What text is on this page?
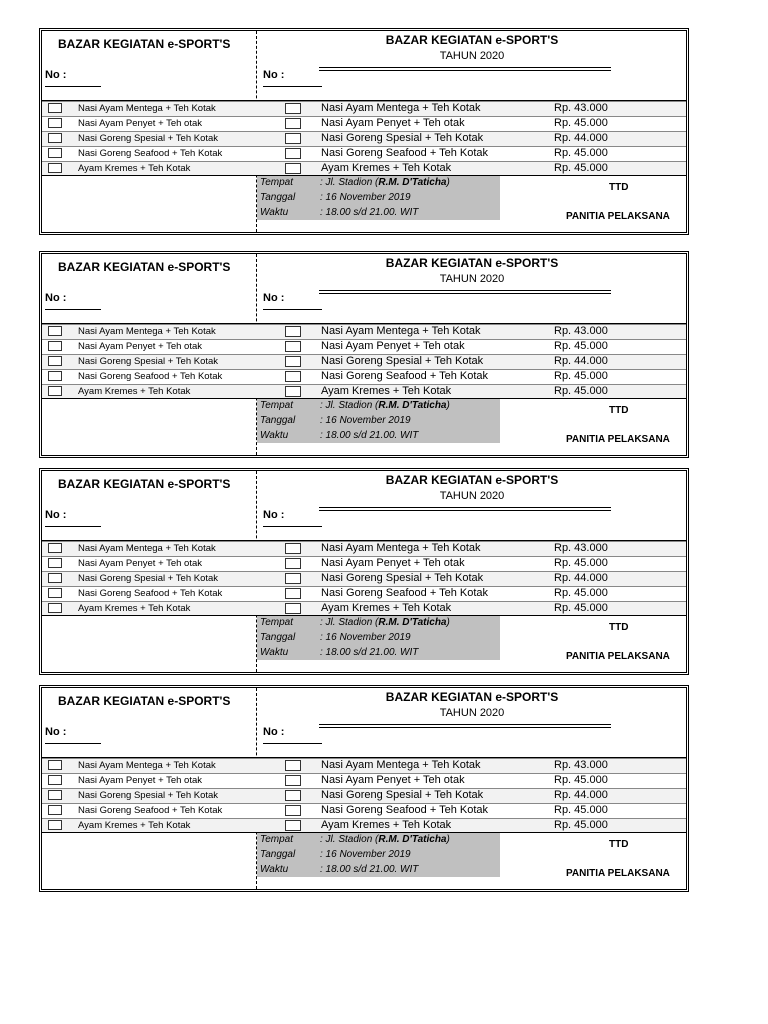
BAZAR KEGIATAN e-SPORT'S	BAZAR KEGIATAN e-SPORT'S
TAHUN 2020
No :	No :
Nasi Ayam Mentega + Teh Kotak	Nasi Ayam Mentega + Teh Kotak	Rp. 43.000
Nasi Ayam Penyet + Teh otak	Nasi Ayam Penyet + Teh otak	Rp. 45.000
Nasi Goreng Spesial + Teh Kotak	Nasi Goreng Spesial + Teh Kotak	Rp. 44.000
Nasi Goreng Seafood + Teh Kotak	Nasi Goreng Seafood + Teh Kotak	Rp. 45.000
Ayam Kremes + Teh Kotak	Ayam Kremes + Teh Kotak	Rp. 45.000
Tempat	: Jl. Stadion (R.M. D'Taticha)
Tanggal : 16 November 2019
Waktu	: 18.00 s/d 21.00. WIT
TTD
PANITIA PELAKSANA
BAZAR KEGIATAN e-SPORT'S	BAZAR KEGIATAN e-SPORT'S
TAHUN 2020
No :	No :
Nasi Ayam Mentega + Teh Kotak	Nasi Ayam Mentega + Teh Kotak	Rp. 43.000
Nasi Ayam Penyet + Teh otak	Nasi Ayam Penyet + Teh otak	Rp. 45.000
Nasi Goreng Spesial + Teh Kotak	Nasi Goreng Spesial + Teh Kotak	Rp. 44.000
Nasi Goreng Seafood + Teh Kotak	Nasi Goreng Seafood + Teh Kotak	Rp. 45.000
Ayam Kremes + Teh Kotak	Ayam Kremes + Teh Kotak	Rp. 45.000
Tempat	: Jl. Stadion (R.M. D'Taticha)
Tanggal : 16 November 2019
Waktu	: 18.00 s/d 21.00. WIT
TTD
PANITIA PELAKSANA
BAZAR KEGIATAN e-SPORT'S	BAZAR KEGIATAN e-SPORT'S
TAHUN 2020
No :	No :
Nasi Ayam Mentega + Teh Kotak	Nasi Ayam Mentega + Teh Kotak	Rp. 43.000
Nasi Ayam Penyet + Teh otak	Nasi Ayam Penyet + Teh otak	Rp. 45.000
Nasi Goreng Spesial + Teh Kotak	Nasi Goreng Spesial + Teh Kotak	Rp. 44.000
Nasi Goreng Seafood + Teh Kotak	Nasi Goreng Seafood + Teh Kotak	Rp. 45.000
Ayam Kremes + Teh Kotak	Ayam Kremes + Teh Kotak	Rp. 45.000
Tempat	: Jl. Stadion (R.M. D'Taticha)
Tanggal : 16 November 2019
Waktu	: 18.00 s/d 21.00. WIT
TTD
PANITIA PELAKSANA
BAZAR KEGIATAN e-SPORT'S	BAZAR KEGIATAN e-SPORT'S
TAHUN 2020
No :	No :
Nasi Ayam Mentega + Teh Kotak	Nasi Ayam Mentega + Teh Kotak	Rp. 43.000
Nasi Ayam Penyet + Teh otak	Nasi Ayam Penyet + Teh otak	Rp. 45.000
Nasi Goreng Spesial + Teh Kotak	Nasi Goreng Spesial + Teh Kotak	Rp. 44.000
Nasi Goreng Seafood + Teh Kotak	Nasi Goreng Seafood + Teh Kotak	Rp. 45.000
Ayam Kremes + Teh Kotak	Ayam Kremes + Teh Kotak	Rp. 45.000
Tempat	: Jl. Stadion (R.M. D'Taticha)
Tanggal : 16 November 2019
Waktu	: 18.00 s/d 21.00. WIT
TTD
PANITIA PELAKSANA
